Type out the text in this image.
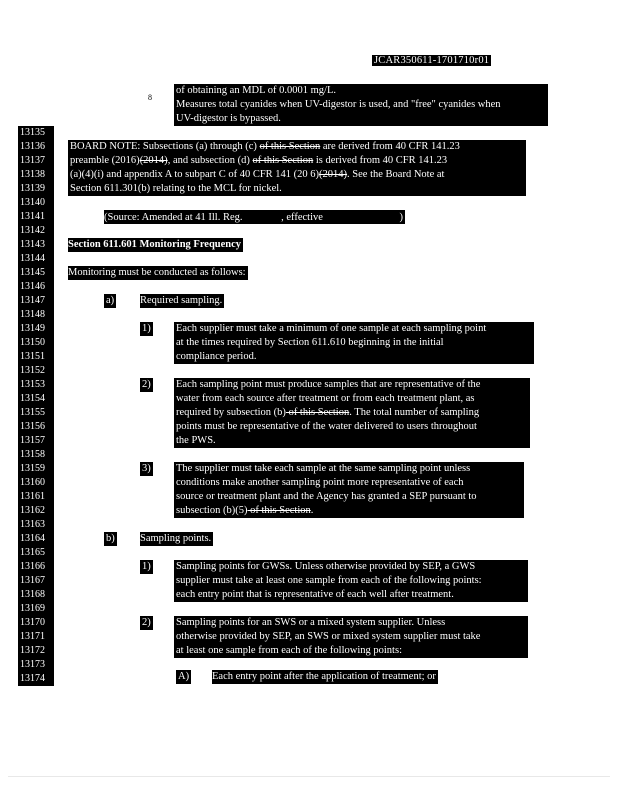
JCAR350611-1701710r01
13135
13136
13137
13138
13139
13140
13141
13142
13143
13144
13145
13146
13147
13148
13149
13150
13151
13152
13153
13154
13155
13156
13157
13158
13159
13160
13161
13162
13163
13164
13165
13166
13167
13168
13169
13170
13171
13172
13173
13174
of obtaining an MDL of 0.0001 mg/L.
8
Measures total cyanides when UV-digestor is used, and "free" cyanides when
UV-digestor is bypassed.
BOARD NOTE: Subsections (a) through (c) of this Section are derived from 40 CFR 141.23
preamble (2016)(2014), and subsection (d) of this Section is derived from 40 CFR 141.23
(a)(4)(i) and appendix A to subpart C of 40 CFR 141 (20 6)(2014). See the Board Note at
Section 611.301(b) relating to the MCL for nickel.
(Source: Amended at 41 Ill. Reg.	, effective	)
Section 611.601 Monitoring Frequency
Monitoring must be conducted as follows:
a) Required sampling.
1) Each supplier must take a minimum of one sample at each sampling point
at the times required by Section 611.610 beginning in the initial
compliance period.
2) Each sampling point must produce samples that are representative of the
water from each source after treatment or from each treatment plant, as
required by subsection (b) of this Section. The total number of sampling
points must be representative of the water delivered to users throughout
the PWS.
3) The supplier must take each sample at the same sampling point unless
conditions make another sampling point more representative of each
source or treatment plant and the Agency has granted a SEP pursuant to
subsection (b)(5) of this Section.
b) Sampling points.
1) Sampling points for GWSs. Unless otherwise provided by SEP, a GWS
supplier must take at least one sample from each of the following points:
each entry point that is representative of each well after treatment.
2) Sampling points for an SWS or a mixed system supplier. Unless
otherwise provided by SEP, an SWS or mixed system supplier must take
at least one sample from each of the following points:
A) Each entry point after the application of treatment; or
